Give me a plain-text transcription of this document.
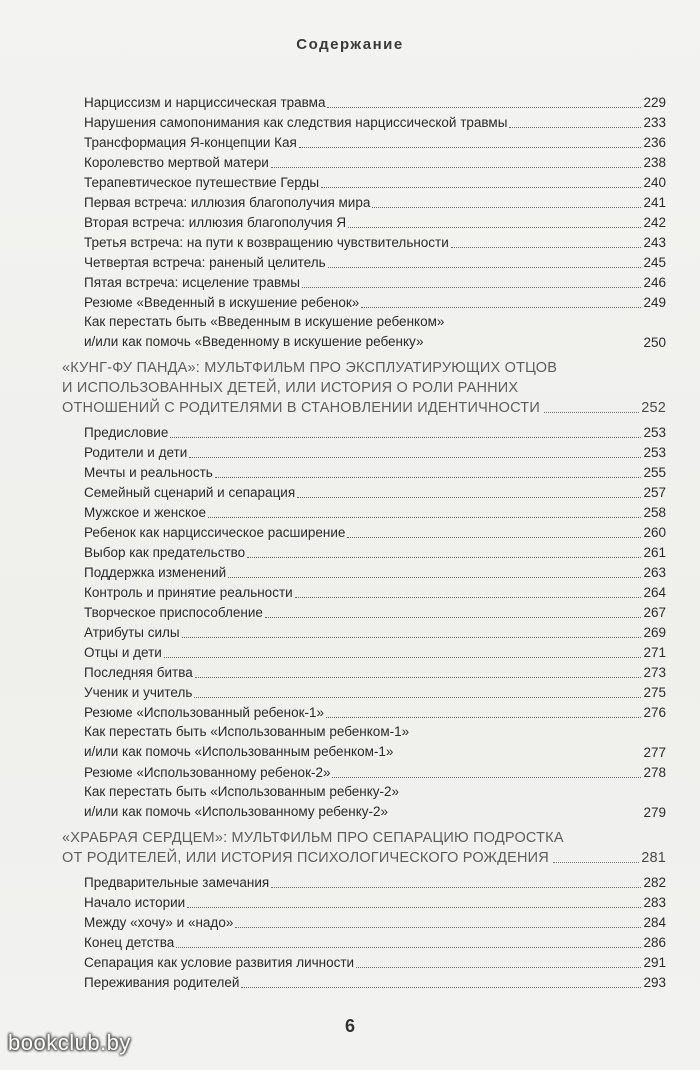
Содержание
Нарциссизм и нарциссическая травма	229
Нарушения самопонимания как следствия нарциссической травмы	233
Трансформация Я-концепции Кая	236
Королевство мертвой матери	238
Терапевтическое путешествие Герды	240
Первая встреча: иллюзия благополучия мира	241
Вторая встреча: иллюзия благополучия Я	242
Третья встреча: на пути к возвращению чувствительности	243
Четвертая встреча: раненый целитель	245
Пятая встреча: исцеление травмы	246
Резюме «Введенный в искушение ребенок»	249
Как перестать быть «Введенным в искушение ребенком»
и/или как помочь «Введенному в искушение ребенку»	250
«КУНГ-ФУ ПАНДА»: МУЛЬТФИЛЬМ ПРО ЭКСПЛУАТИРУЮЩИХ ОТЦОВ
И ИСПОЛЬЗОВАННЫХ ДЕТЕЙ, ИЛИ ИСТОРИЯ О РОЛИ РАННИХ
ОТНОШЕНИЙ С РОДИТЕЛЯМИ В СТАНОВЛЕНИИ ИДЕНТИЧНОСТИ	252
Предисловие	253
Родители и дети	253
Мечты и реальность	255
Семейный сценарий и сепарация	257
Мужское и женское	258
Ребенок как нарциссическое расширение	260
Выбор как предательство	261
Поддержка изменений	263
Контроль и принятие реальности	264
Творческое приспособление	267
Атрибуты силы	269
Отцы и дети	271
Последняя битва	273
Ученик и учитель	275
Резюме «Использованный ребенок-1»	276
Как перестать быть «Использованным ребенком-1»
и/или как помочь «Использованным ребенком-1»	277
Резюме «Использованному ребенок-2»	278
Как перестать быть «Использованным ребенку-2»
и/или как помочь «Использованному ребенку-2»	279
«ХРАБРАЯ СЕРДЦЕМ»: МУЛЬТФИЛЬМ ПРО СЕПАРАЦИЮ ПОДРОСТКА
ОТ РОДИТЕЛЕЙ, ИЛИ ИСТОРИЯ ПСИХОЛОГИЧЕСКОГО РОЖДЕНИЯ	281
Предварительные замечания	282
Начало истории	283
Между «хочу» и «надо»	284
Конец детства	286
Сепарация как условие развития личности	291
Переживания родителей	293
6
bookclub.by
